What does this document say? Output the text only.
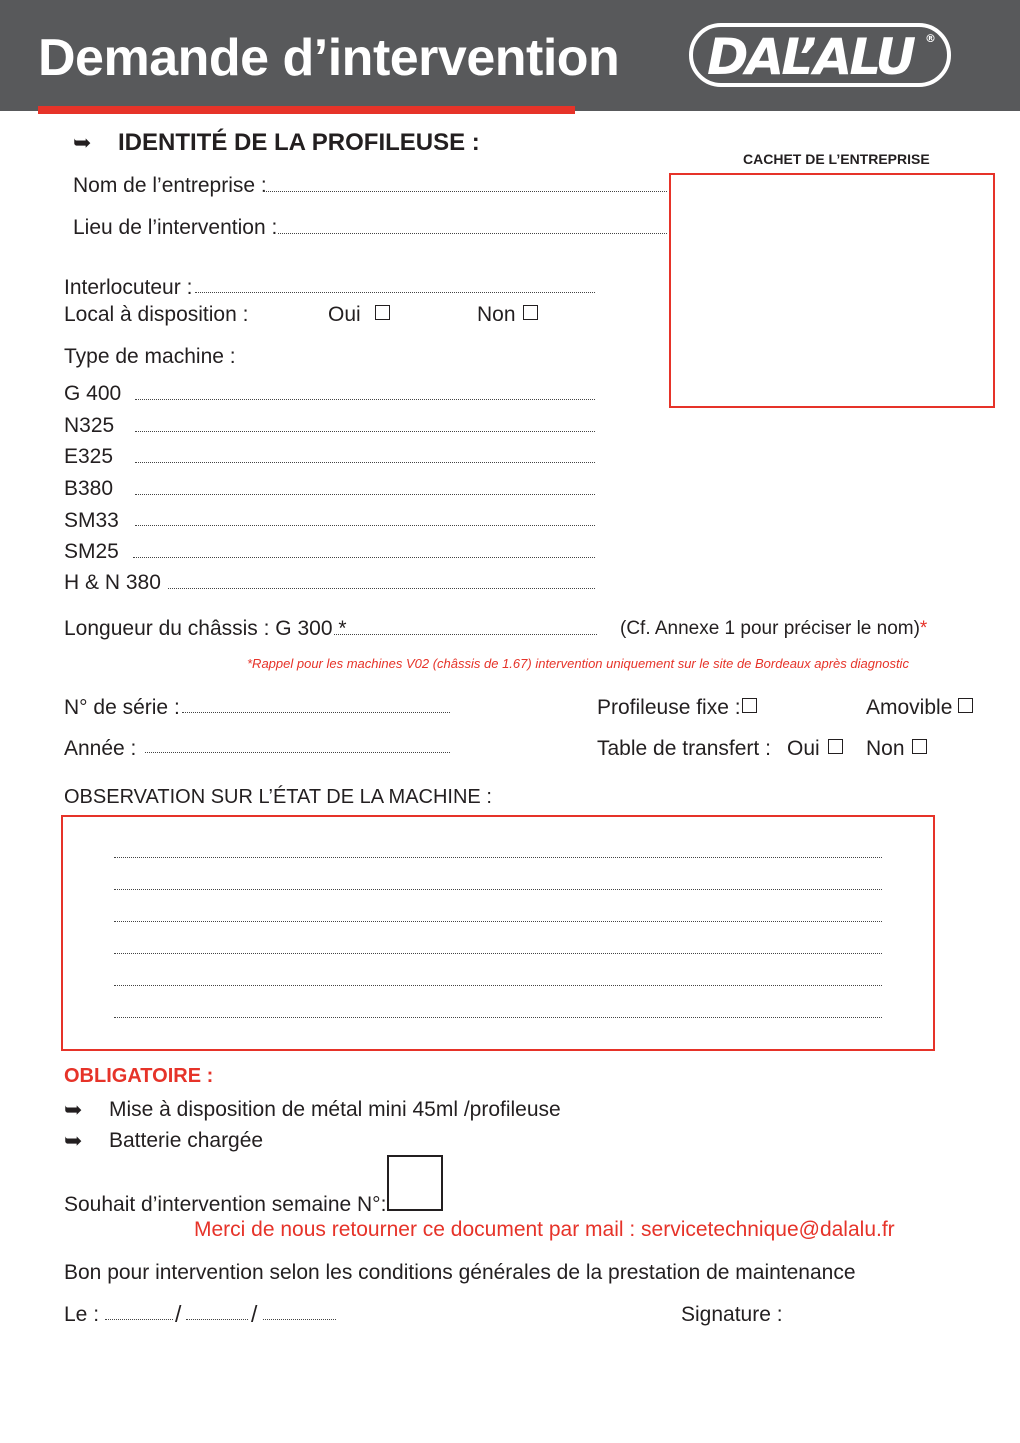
Demande d’intervention DAL’ALU ®
➥ IDENTITÉ DE LA PROFILEUSE :
Nom de l’entreprise :
Lieu de l’intervention :
CACHET DE L’ENTREPRISE
Interlocuteur :
Local à disposition :	Oui	Non
Type de machine :
G 400
N325
E325
B380
SM33
SM25
H & N 380
Longueur du châssis : G 300 *	(Cf. Annexe 1 pour préciser le nom)*
*Rappel pour les machines V02 (châssis de 1.67) intervention uniquement sur le site de Bordeaux après diagnostic
N° de série :
Année :
Profileuse fixe :	Amovible
Table de transfert : Oui Non
OBSERVATION SUR L’ÉTAT DE LA MACHINE :
OBLIGATOIRE :
➥ Mise à disposition de métal mini 45ml /profileuse
➥ Batterie chargée
Souhait d’intervention semaine N°:
Merci de nous retourner ce document par mail : servicetechnique@dalalu.fr
Bon pour intervention selon les conditions générales de la prestation de maintenance
Le :	/	/	Signature :
